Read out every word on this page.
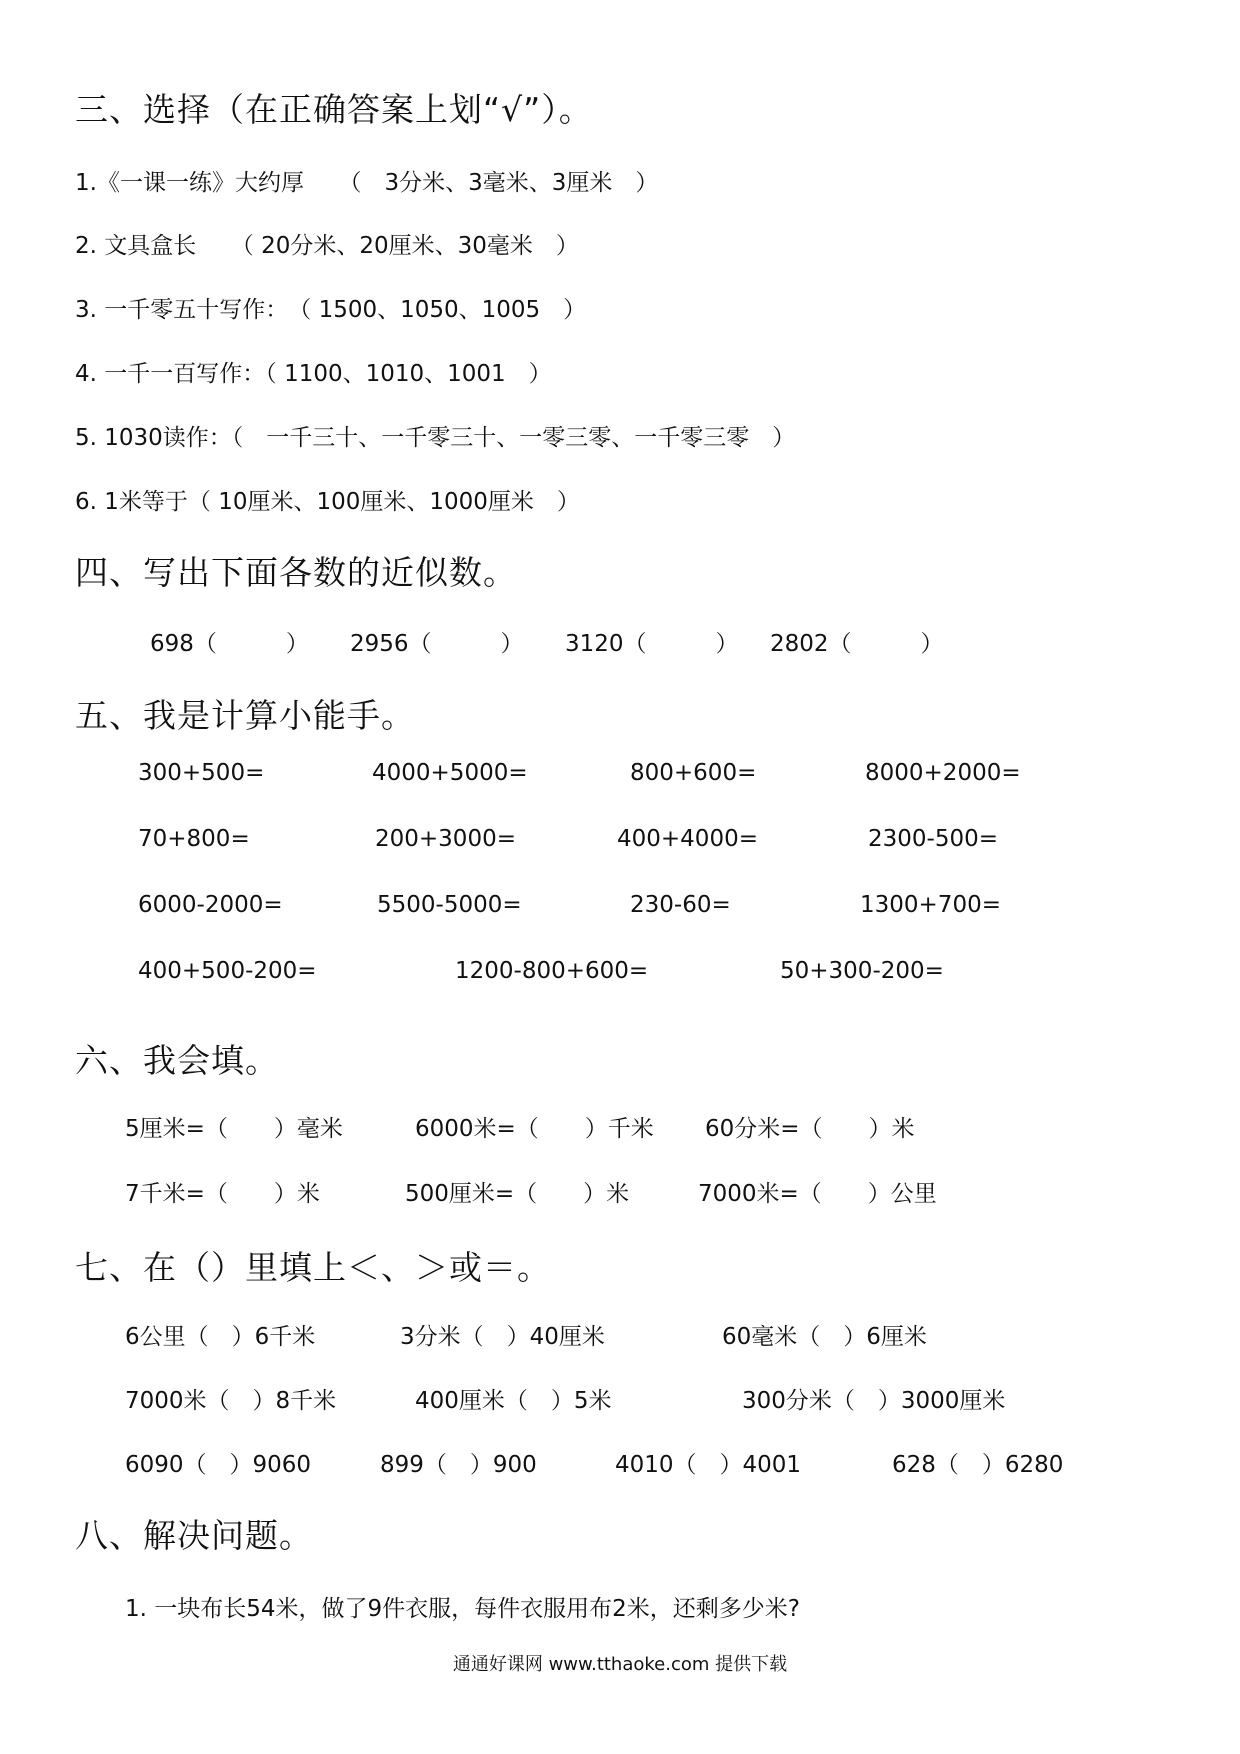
三、选择（在正确答案上划“√”）。
1.《一课一练》大约厚　　（　3分米、3毫米、3厘米　）
2. 文具盒长　　（ 20分米、20厘米、30毫米　）
3. 一千零五十写作：　（ 1500、1050、1005　）
4. 一千一百写作：（ 1100、1010、1001　）
5. 1030读作：（　一千三十、一千零三十、一零三零、一千零三零　）
6. 1米等于（ 10厘米、100厘米、1000厘米　）
四、写出下面各数的近似数。
698（　　　） 2956（　　　） 3120（　　　） 2802（　　　）
五、我是计算小能手。
300+500=	4000+5000=	800+600=	8000+2000=
70+800=	200+3000=	400+4000=	2300-500=
6000-2000=	5500-5000=	230-60=	1300+700=
400+500-200=	1200-800+600=	50+300-200=
六、我会填。
5厘米=（　　）毫米	6000米=（　　）千米 60分米=（　　）米
7千米=（　　）米	500厘米=（　　）米	7000米=（　　）公里
七、在（）里填上＜、＞或＝。
6公里（　）6千米	3分米（　）40厘米	60毫米（　）6厘米
7000米（　）8千米	400厘米（　）5米	300分米（　）3000厘米
6090（　）9060	899（　）900	4010（　）4001	628（　）6280
八、解决问题。
1. 一块布长54米，做了9件衣服，每件衣服用布2米，还剩多少米?
通通好课网 www.tthaoke.com 提供下载
